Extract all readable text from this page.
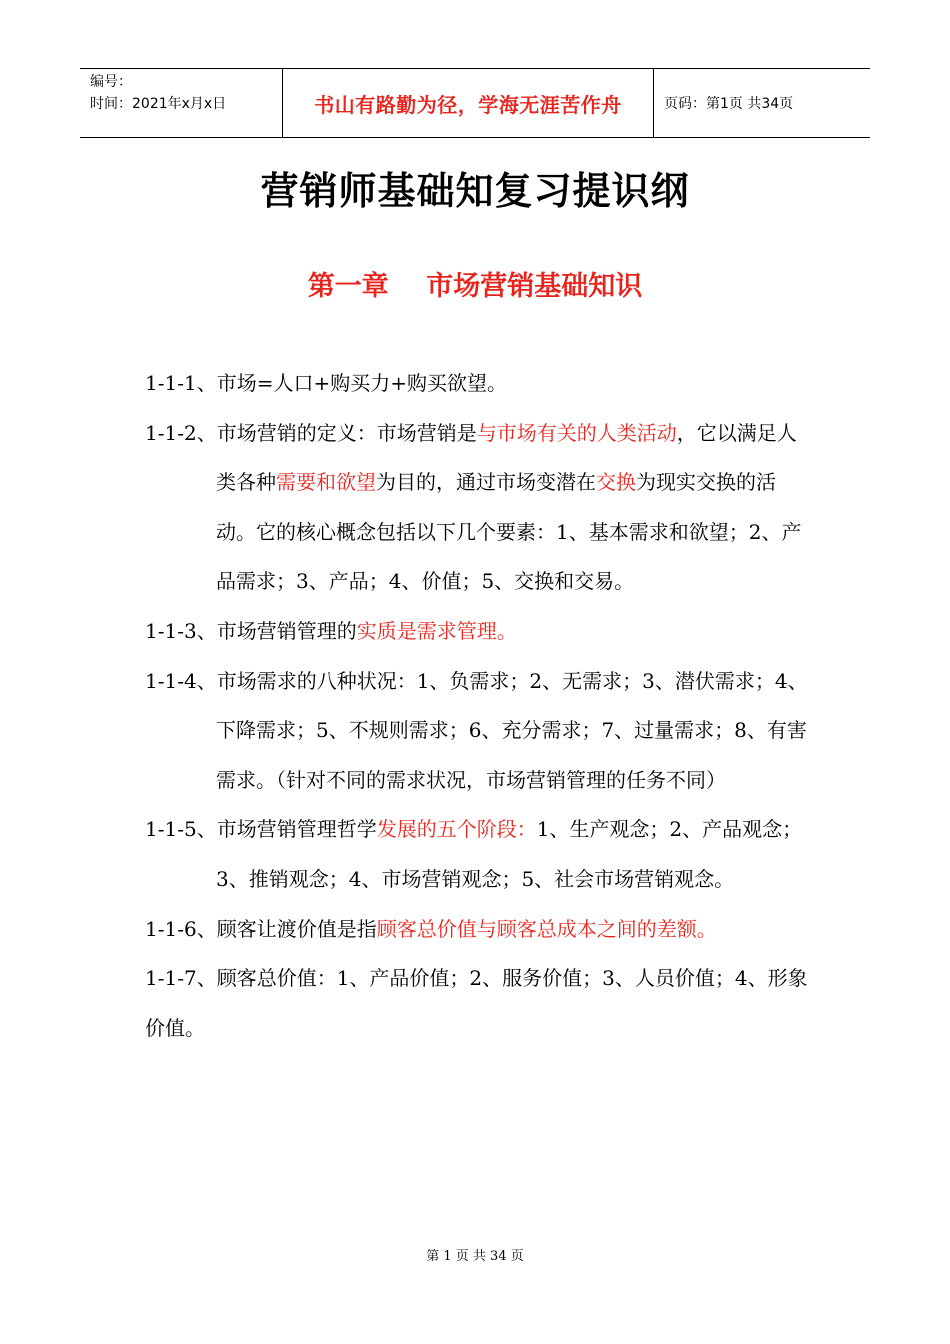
编号：
时间：2021年x月x日	书山有路勤为径，学海无涯苦作舟	页码：第1页 共34页
营销师基础知复习提识纲
第一章    市场营销基础知识

1-1-1、市场=人口+购买力+购买欲望。

1-1-2、市场营销的定义：市场营销是与市场有关的人类活动，它以满足人类各种需要和欲望为目的，通过市场变潜在交换为现实交换的活动。它的核心概念包括以下几个要素：1、基本需求和欲望；2、产品需求；3、产品；4、价值；5、交换和交易。

1-1-3、市场营销管理的实质是需求管理。

1-1-4、市场需求的八种状况：1、负需求；2、无需求；3、潜伏需求；4、下降需求；5、不规则需求；6、充分需求；7、过量需求；8、有害需求。（针对不同的需求状况，市场营销管理的任务不同）

1-1-5、市场营销管理哲学发展的五个阶段：1、生产观念；2、产品观念；3、推销观念；4、市场营销观念；5、社会市场营销观念。

1-1-6、顾客让渡价值是指顾客总价值与顾客总成本之间的差额。

1-1-7、顾客总价值：1、产品价值；2、服务价值；3、人员价值；4、形象价值。

第 1 页 共 34 页
